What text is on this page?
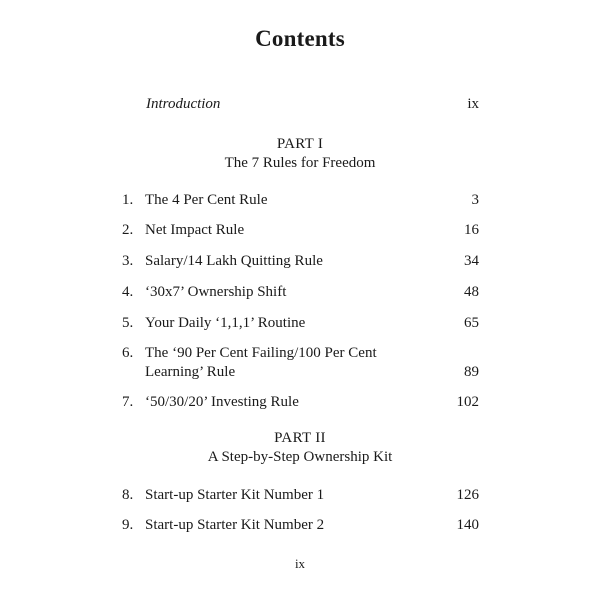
Contents
Introduction	ix
PART I
The 7 Rules for Freedom
1. The 4 Per Cent Rule	3
2. Net Impact Rule	16
3. Salary/14 Lakh Quitting Rule	34
4. ‘30x7’ Ownership Shift	48
5. Your Daily ‘1,1,1’ Routine	65
6. The ‘90 Per Cent Failing/100 Per Cent
Learning’ Rule	89
7. ‘50/30/20’ Investing Rule	102
PART II
A Step-by-Step Ownership Kit
8. Start-up Starter Kit Number 1	126
9. Start-up Starter Kit Number 2	140
ix
